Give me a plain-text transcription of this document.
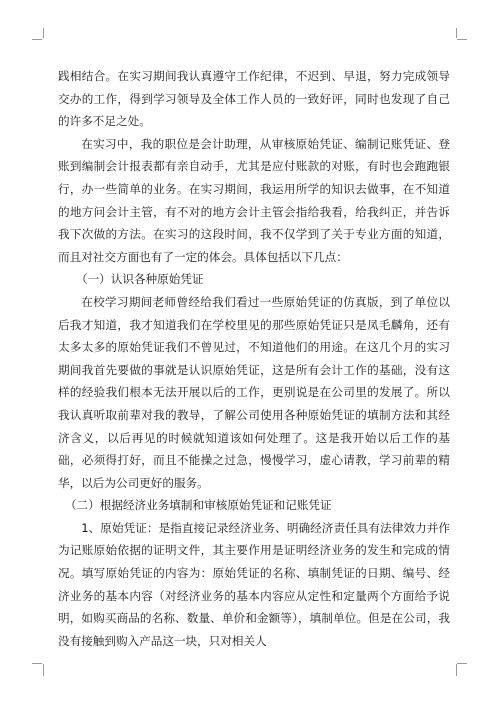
践相结合。在实习期间我认真遵守工作纪律，不迟到、早退，努力完成领导交办的工作，得到学习领导及全体工作人员的一致好评，同时也发现了自己的许多不足之处。

在实习中，我的职位是会计助理，从审核原始凭证、编制记账凭证、登账到编制会计报表都有亲自动手，尤其是应付账款的对账，有时也会跑跑银行，办一些简单的业务。在实习期间，我运用所学的知识去做事，在不知道的地方问会计主管，有不对的地方会计主管会指给我看，给我纠正，并告诉我下次做的方法。在实习的这段时间，我不仅学到了关于专业方面的知道，而且对社交方面也有了一定的体会。具体包括以下几点：

（一）认识各种原始凭证

在校学习期间老师曾经给我们看过一些原始凭证的仿真版，到了单位以后我才知道，我才知道我们在学校里见的那些原始凭证只是凤毛麟角，还有太多太多的原始凭证我们不曾见过，不知道他们的用途。在这几个月的实习期间我首先要做的事就是认识原始凭证，这是所有会计工作的基础，没有这样的经验我们根本无法开展以后的工作，更别说是在公司里的发展了。所以我认真听取前辈对我的教导，了解公司使用各种原始凭证的填制方法和其经济含义，以后再见的时候就知道该如何处理了。这是我开始以后工作的基础，必须得打好，而且不能操之过急，慢慢学习，虚心请教，学习前辈的精华，以后为公司更好的服务。

（二）根据经济业务填制和审核原始凭证和记账凭证

1、原始凭证：是指直接记录经济业务、明确经济责任具有法律效力并作为记账原始依据的证明文件，其主要作用是证明经济业务的发生和完成的情况。填写原始凭证的内容为：原始凭证的名称、填制凭证的日期、编号、经济业务的基本内容（对经济业务的基本内容应从定性和定量两个方面给予说明，如购买商品的名称、数量、单价和金额等），填制单位。但是在公司，我没有接触到购入产品这一块，只对相关人
